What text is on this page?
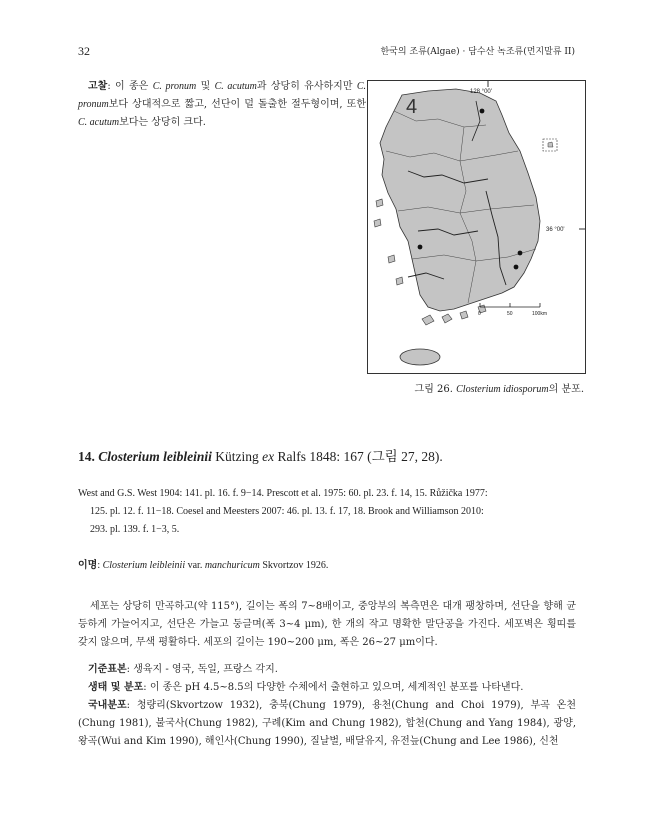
32	한국의 조류(Algae) · 담수산 녹조류(먼지말류 II)

고찰: 이 종은 C. pronum 및 C. acutum과 상당히 유사하지만 C. pronum보다 상대적으로 짧고, 선단이 덜 돌출한 절두형이며, 또한 C. acutum보다는 상당히 크다.

4
128 °00'
36 °00'
0	50	100km
그림 26. Closterium idiosporum의 분포.
14. Closterium leibleinii Kützing ex Ralfs 1848: 167 (그림 27, 28).

West and G.S. West 1904: 141. pl. 16. f. 9−14. Prescott et al. 1975: 60. pl. 23. f. 14, 15. Růžička 1977:

125. pl. 12. f. 11−18. Coesel and Meesters 2007: 46. pl. 13. f. 17, 18. Brook and Williamson 2010:

293. pl. 139. f. 1−3, 5.

이명: Closterium leibleinii var. manchuricum Skvortzov 1926.

세포는 상당히 만곡하고(약 115°), 길이는 폭의 7~8배이고, 중앙부의 복측면은 대개 팽창하며, 선단을 향해 균등하게 가늘어지고, 선단은 가늘고 둥글며(폭 3~4 μm), 한 개의 작고 명확한 말단공을 가진다. 세포벽은 횡띠를 갖지 않으며, 무색 평활하다. 세포의 길이는 190~200 μm, 폭은 26~27 μm이다.

기준표본: 생육지 - 영국, 독일, 프랑스 각지.

생태 및 분포: 이 종은 pH 4.5~8.5의 다양한 수체에서 출현하고 있으며, 세계적인 분포를 나타낸다.

국내분포: 청량리(Skvortzow 1932), 충북(Chung 1979), 용천(Chung and Choi 1979), 부곡 온천(Chung 1981), 불국사(Chung 1982), 구례(Kim and Chung 1982), 합천(Chung and Yang 1984), 광양, 왕곡(Wui and Kim 1990), 해인사(Chung 1990), 질날벌, 배달유지, 유전늪(Chung and Lee 1986), 신천
